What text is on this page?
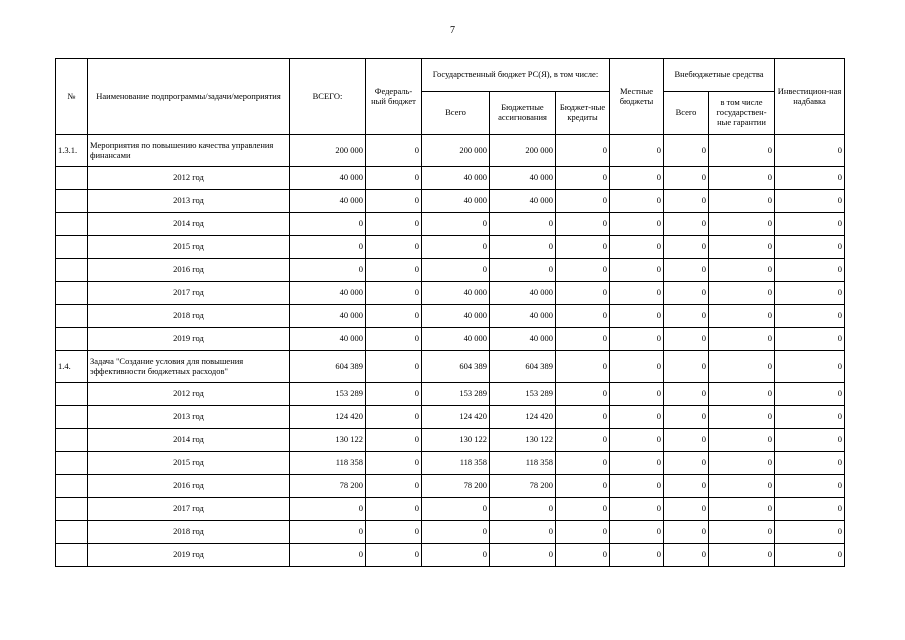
7
№	Наименование подпрограммы/задачи/мероприятия	ВСЕГО:	Федераль-ный бюджет	Государственный бюджет РС(Я), в том числе:			Местные бюджеты	Внебюджетные средства		Инвестицион-ная надбавка
				Всего	Бюджетные ассигнования	Бюджет-ные кредиты		Всего	в том числе государствен-ные гарантии	
1.3.1.	Мероприятия по повышению качества управления финансами	200 000	0	200 000	200 000	0	0	0	0	0
	2012 год	40 000	0	40 000	40 000	0	0	0	0	0
	2013 год	40 000	0	40 000	40 000	0	0	0	0	0
	2014 год	0	0	0	0	0	0	0	0	0
	2015 год	0	0	0	0	0	0	0	0	0
	2016 год	0	0	0	0	0	0	0	0	0
	2017 год	40 000	0	40 000	40 000	0	0	0	0	0
	2018 год	40 000	0	40 000	40 000	0	0	0	0	0
	2019 год	40 000	0	40 000	40 000	0	0	0	0	0
1.4.	Задача "Создание условия для повышения эффективности бюджетных расходов"	604 389	0	604 389	604 389	0	0	0	0	0
	2012 год	153 289	0	153 289	153 289	0	0	0	0	0
	2013 год	124 420	0	124 420	124 420	0	0	0	0	0
	2014 год	130 122	0	130 122	130 122	0	0	0	0	0
	2015 год	118 358	0	118 358	118 358	0	0	0	0	0
	2016 год	78 200	0	78 200	78 200	0	0	0	0	0
	2017 год	0	0	0	0	0	0	0	0	0
	2018 год	0	0	0	0	0	0	0	0	0
	2019 год	0	0	0	0	0	0	0	0	0
